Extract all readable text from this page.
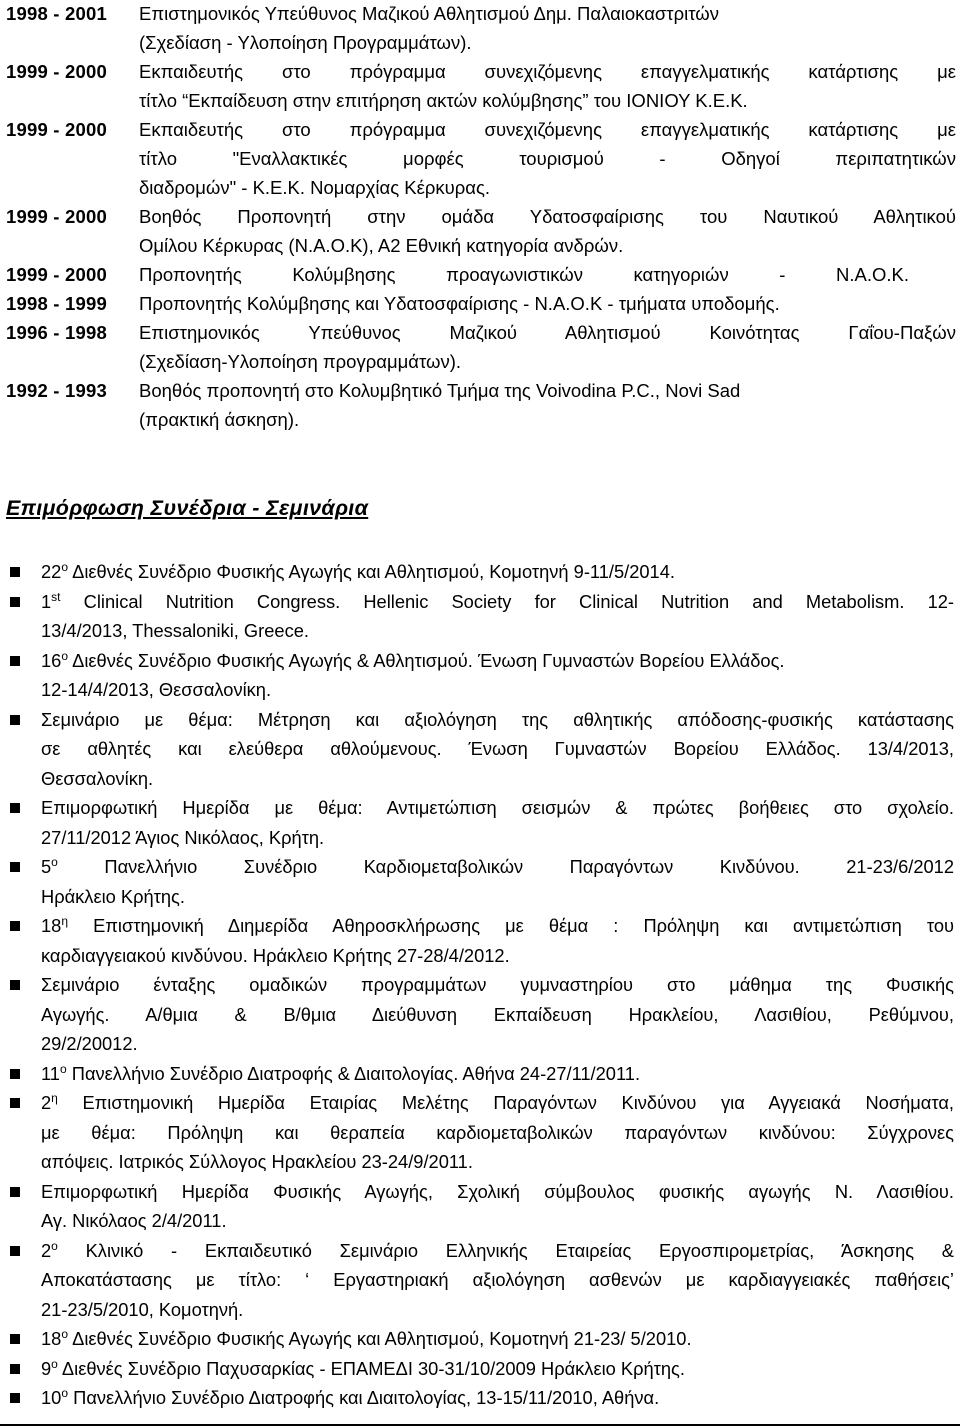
1998 - 2001	Επιστημονικός Υπεύθυνος Μαζικού Αθλητισμού Δημ. Παλαιοκαστριτών
(Σχεδίαση - Υλοποίηση Προγραμμάτων).
1999 - 2000	Εκπαιδευτής στο πρόγραμμα συνεχιζόμενης επαγγελματικής κατάρτισης με
τίτλο “Εκπαίδευση στην επιτήρηση ακτών κολύμβησης” του ΙΟΝΙΟΥ Κ.Ε.Κ.
1999 - 2000	Εκπαιδευτής στο πρόγραμμα συνεχιζόμενης επαγγελματικής κατάρτισης με
τίτλο "Εναλλακτικές μορφές τουρισμού - Οδηγοί περιπατητικών
διαδρομών" - Κ.Ε.Κ. Νομαρχίας Κέρκυρας.
1999 - 2000	Βοηθός Προπονητή στην ομάδα Υδατοσφαίρισης του Ναυτικού Αθλητικού
Ομίλου Κέρκυρας (Ν.Α.Ο.Κ), Α2 Εθνική κατηγορία ανδρών.
1999 - 2000	Προπονητής Κολύμβησης προαγωνιστικών κατηγοριών - Ν.Α.Ο.Κ.
1998 - 1999	Προπονητής Κολύμβησης και Υδατοσφαίρισης - Ν.Α.Ο.Κ - τμήματα υποδομής.
1996 - 1998	Επιστημονικός Υπεύθυνος Μαζικού Αθλητισμού Κοινότητας Γαΐου-Παξών
(Σχεδίαση-Υλοποίηση προγραμμάτων).
1992 - 1993	Βοηθός προπονητή στο Κολυμβητικό Τμήμα της Voivodina P.C., Novi Sad
(πρακτική άσκηση).
Επιμόρφωση Συνέδρια - Σεμινάρια
$22^o$ Διεθνές Συνέδριο Φυσικής Αγωγής και Αθλητισμού, Κομοτηνή 9-11/5/2014.
1st Clinical Nutrition Congress. Hellenic Society for Clinical Nutrition and Metabolism. 12-
13/4/2013, Thessaloniki, Greece.
$16^o$ Διεθνές Συνέδριο Φυσικής Αγωγής & Αθλητισμού. Ένωση Γυμναστών Βορείου Ελλάδος.
12-14/4/2013, Θεσσαλονίκη.
Σεμινάριο με θέμα: Μέτρηση και αξιολόγηση της αθλητικής απόδοσης-φυσικής κατάστασης
σε αθλητές και ελεύθερα αθλούμενους. Ένωση Γυμναστών Βορείου Ελλάδος. 13/4/2013,
Θεσσαλονίκη.
Επιμορφωτική Ημερίδα με θέμα: Αντιμετώπιση σεισμών & πρώτες βοήθειες στο σχολείο.
27/11/2012 Άγιος Νικόλαος, Κρήτη.
$5^o$ Πανελλήνιο Συνέδριο Καρδιομεταβολικών Παραγόντων Κινδύνου. 21-23/6/2012
Ηράκλειο Κρήτης.
$18^\eta$ Επιστημονική Διημερίδα Αθηροσκλήρωσης με θέμα : Πρόληψη και αντιμετώπιση του
καρδιαγγειακού κινδύνου. Ηράκλειο Κρήτης 27-28/4/2012.
Σεμινάριο ένταξης ομαδικών προγραμμάτων γυμναστηρίου στο μάθημα της Φυσικής
Αγωγής. Α/θμια & Β/θμια Διεύθυνση Εκπαίδευση Ηρακλείου, Λασιθίου, Ρεθύμνου,
29/2/20012.
$11^o$ Πανελλήνιο Συνέδριο Διατροφής & Διαιτολογίας. Αθήνα 24-27/11/2011.
$2^\eta$ Επιστημονική Ημερίδα Εταιρίας Μελέτης Παραγόντων Κινδύνου για Αγγειακά Νοσήματα,
με θέμα: Πρόληψη και θεραπεία καρδιομεταβολικών παραγόντων κινδύνου: Σύγχρονες
απόψεις. Ιατρικός Σύλλογος Ηρακλείου 23-24/9/2011.
Επιμορφωτική Ημερίδα Φυσικής Αγωγής, Σχολική σύμβουλος φυσικής αγωγής Ν. Λασιθίου.
Αγ. Νικόλαος 2/4/2011.
$2^o$ Κλινικό - Εκπαιδευτικό Σεμινάριο Ελληνικής Εταιρείας Εργοσπιρομετρίας, Άσκησης &
Αποκατάστασης με τίτλο: ‘ Εργαστηριακή αξιολόγηση ασθενών με καρδιαγγειακές παθήσεις’
21-23/5/2010, Κομοτηνή.
$18^o$ Διεθνές Συνέδριο Φυσικής Αγωγής και Αθλητισμού, Κομοτηνή 21-23/ 5/2010.
$9^o$ Διεθνές Συνέδριο Παχυσαρκίας - ΕΠΑΜΕΔΙ 30-31/10/2009 Ηράκλειο Κρήτης.
$10^o$ Πανελλήνιο Συνέδριο Διατροφής και Διαιτολογίας, 13-15/11/2010, Αθήνα.
